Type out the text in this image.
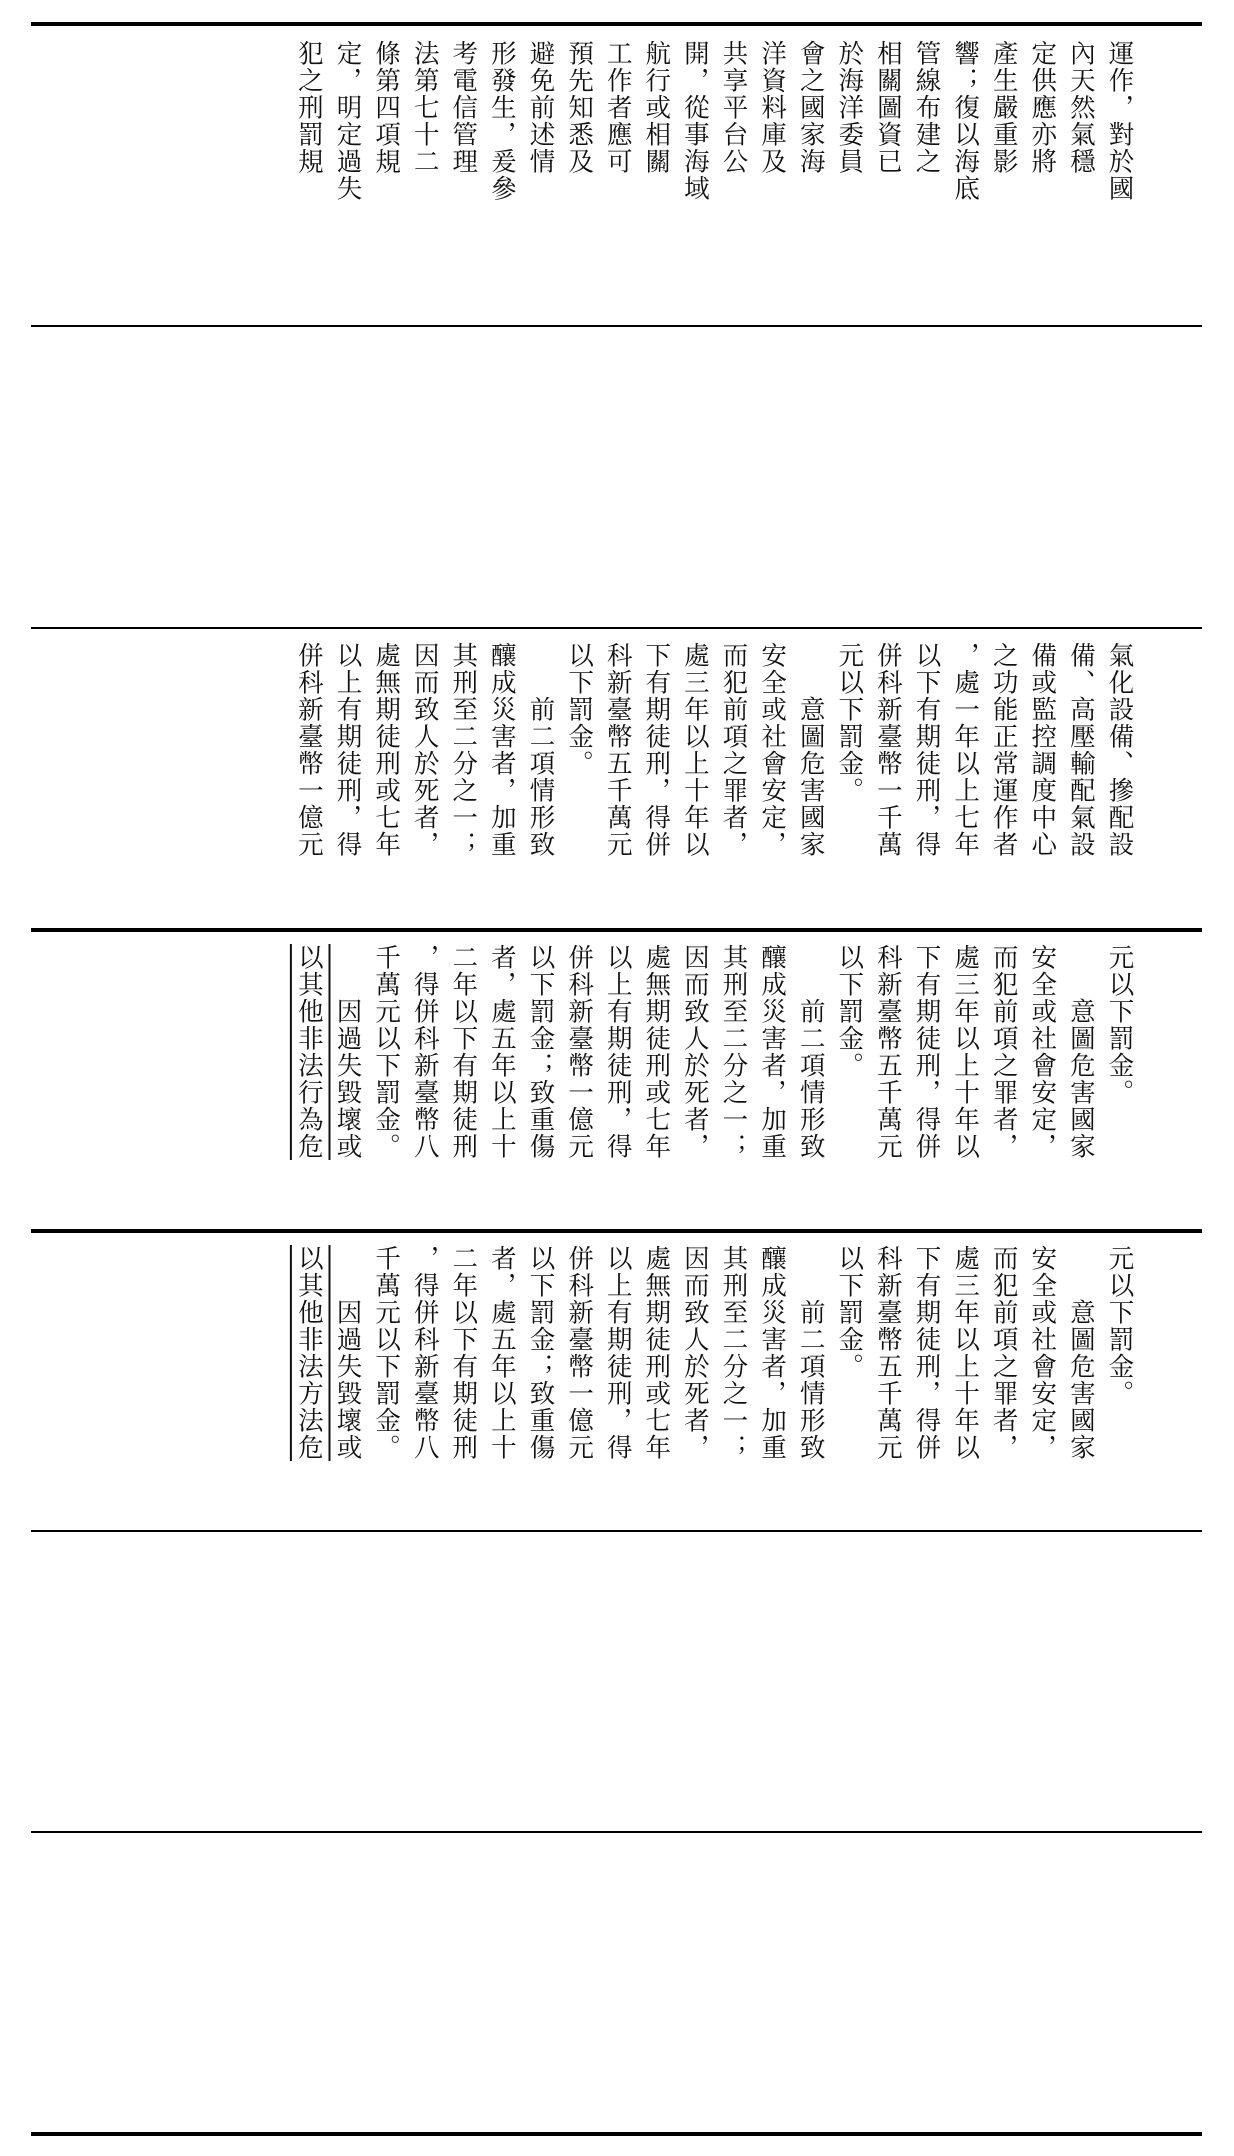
運作，對於國
內天然氣穩
定供應亦將
產生嚴重影
響；復以海底
管線布建之
相關圖資已
於海洋委員
會之國家海
洋資料庫及
共享平台公
開，從事海域
航行或相關
工作者應可
預先知悉及
避免前述情
形發生，爰參
考電信管理
法第七十二
條第四項規
定，明定過失
犯之刑罰規
氣化設備、摻配設
備、高壓輸配氣設
備或監控調度中心
之功能正常運作者
，處一年以上七年
以下有期徒刑，得
併科新臺幣一千萬
元以下罰金。
　　意圖危害國家
安全或社會安定，
而犯前項之罪者，
處三年以上十年以
下有期徒刑，得併
科新臺幣五千萬元
以下罰金。
　　前二項情形致
釀成災害者，加重
其刑至二分之一；
因而致人於死者，
處無期徒刑或七年
以上有期徒刑，得
併科新臺幣一億元
元以下罰金。
　　意圖危害國家
安全或社會安定，
而犯前項之罪者，
處三年以上十年以
下有期徒刑，得併
科新臺幣五千萬元
以下罰金。
　　前二項情形致
釀成災害者，加重
其刑至二分之一；
因而致人於死者，
處無期徒刑或七年
以上有期徒刑，得
併科新臺幣一億元
以下罰金；致重傷
者，處五年以上十
二年以下有期徒刑
，得併科新臺幣八
千萬元以下罰金。
　　因過失毀壞或
以其他非法行為危
元以下罰金。
　　意圖危害國家
安全或社會安定，
而犯前項之罪者，
處三年以上十年以
下有期徒刑，得併
科新臺幣五千萬元
以下罰金。
　　前二項情形致
釀成災害者，加重
其刑至二分之一；
因而致人於死者，
處無期徒刑或七年
以上有期徒刑，得
併科新臺幣一億元
以下罰金；致重傷
者，處五年以上十
二年以下有期徒刑
，得併科新臺幣八
千萬元以下罰金。
　　因過失毀壞或
以其他非法方法危
